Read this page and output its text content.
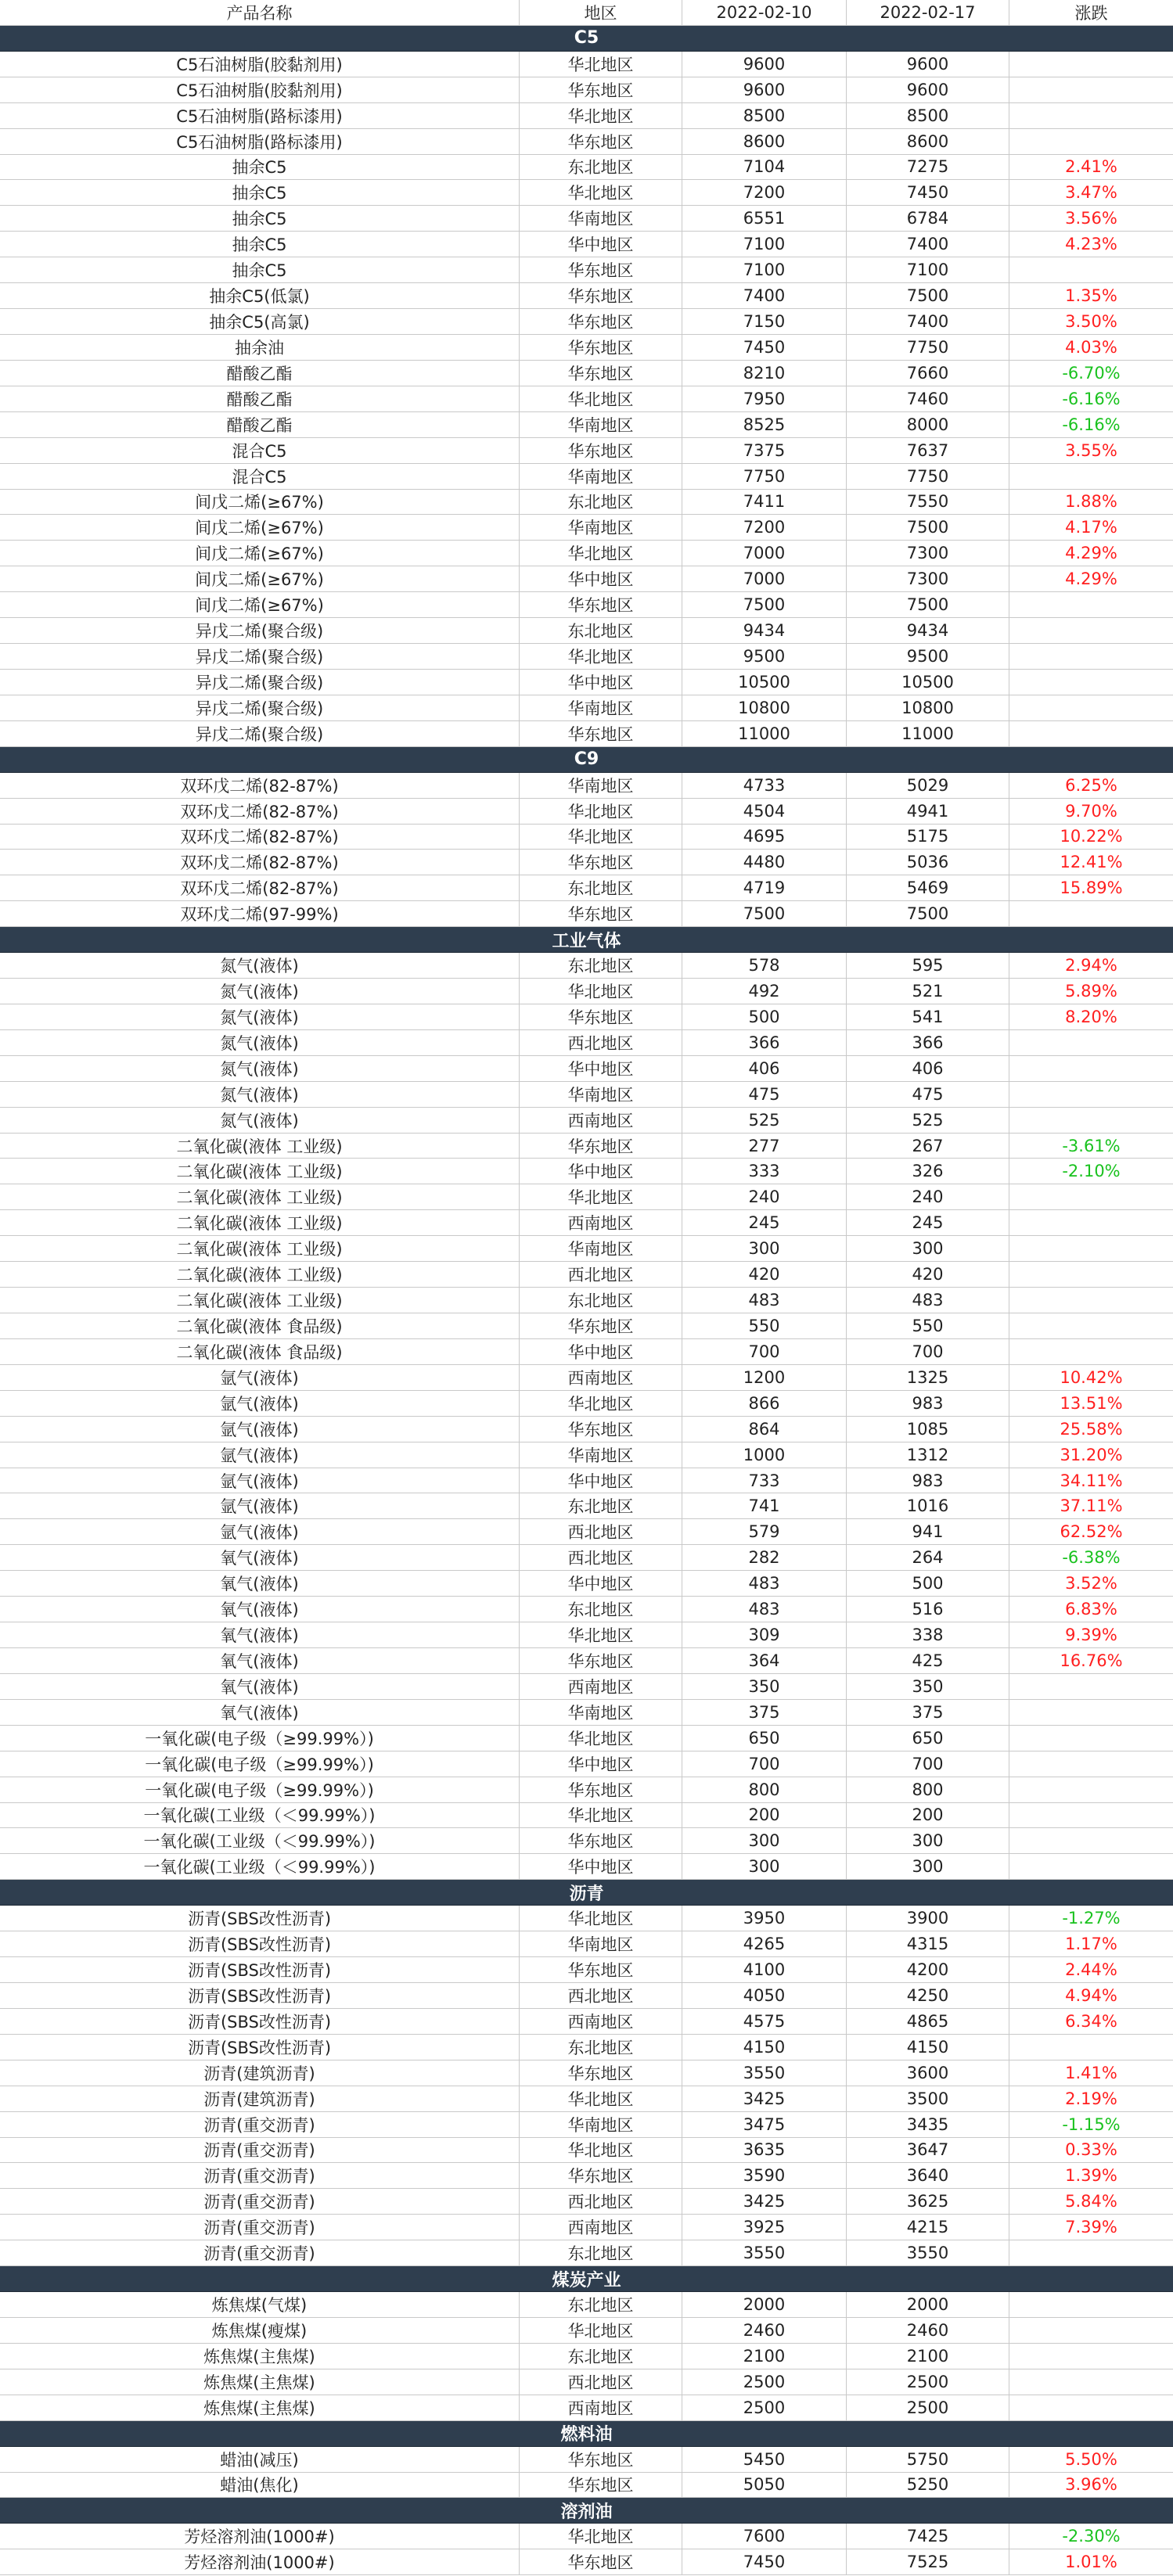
产品名称	地区	2022-02-10	2022-02-17	涨跌
C5
C5石油树脂(胶黏剂用)	华北地区	9600	9600
C5石油树脂(胶黏剂用)	华东地区	9600	9600
C5石油树脂(路标漆用)	华北地区	8500	8500
C5石油树脂(路标漆用)	华东地区	8600	8600
抽余C5	东北地区	7104	7275	2.41%
抽余C5	华北地区	7200	7450	3.47%
抽余C5	华南地区	6551	6784	3.56%
抽余C5	华中地区	7100	7400	4.23%
抽余C5	华东地区	7100	7100
抽余C5(低氯)	华东地区	7400	7500	1.35%
抽余C5(高氯)	华东地区	7150	7400	3.50%
抽余油	华东地区	7450	7750	4.03%
醋酸乙酯	华东地区	8210	7660	-6.70%
醋酸乙酯	华北地区	7950	7460	-6.16%
醋酸乙酯	华南地区	8525	8000	-6.16%
混合C5	华东地区	7375	7637	3.55%
混合C5	华南地区	7750	7750
间戊二烯(≥67%)	东北地区	7411	7550	1.88%
间戊二烯(≥67%)	华南地区	7200	7500	4.17%
间戊二烯(≥67%)	华北地区	7000	7300	4.29%
间戊二烯(≥67%)	华中地区	7000	7300	4.29%
间戊二烯(≥67%)	华东地区	7500	7500
异戊二烯(聚合级)	东北地区	9434	9434
异戊二烯(聚合级)	华北地区	9500	9500
异戊二烯(聚合级)	华中地区	10500	10500
异戊二烯(聚合级)	华南地区	10800	10800
异戊二烯(聚合级)	华东地区	11000	11000
C9
双环戊二烯(82-87%)	华南地区	4733	5029	6.25%
双环戊二烯(82-87%)	华北地区	4504	4941	9.70%
双环戊二烯(82-87%)	华北地区	4695	5175	10.22%
双环戊二烯(82-87%)	华东地区	4480	5036	12.41%
双环戊二烯(82-87%)	东北地区	4719	5469	15.89%
双环戊二烯(97-99%)	华东地区	7500	7500
工业气体
氮气(液体)	东北地区	578	595	2.94%
氮气(液体)	华北地区	492	521	5.89%
氮气(液体)	华东地区	500	541	8.20%
氮气(液体)	西北地区	366	366
氮气(液体)	华中地区	406	406
氮气(液体)	华南地区	475	475
氮气(液体)	西南地区	525	525
二氧化碳(液体 工业级)	华东地区	277	267	-3.61%
二氧化碳(液体 工业级)	华中地区	333	326	-2.10%
二氧化碳(液体 工业级)	华北地区	240	240
二氧化碳(液体 工业级)	西南地区	245	245
二氧化碳(液体 工业级)	华南地区	300	300
二氧化碳(液体 工业级)	西北地区	420	420
二氧化碳(液体 工业级)	东北地区	483	483
二氧化碳(液体 食品级)	华东地区	550	550
二氧化碳(液体 食品级)	华中地区	700	700
氩气(液体)	西南地区	1200	1325	10.42%
氩气(液体)	华北地区	866	983	13.51%
氩气(液体)	华东地区	864	1085	25.58%
氩气(液体)	华南地区	1000	1312	31.20%
氩气(液体)	华中地区	733	983	34.11%
氩气(液体)	东北地区	741	1016	37.11%
氩气(液体)	西北地区	579	941	62.52%
氧气(液体)	西北地区	282	264	-6.38%
氧气(液体)	华中地区	483	500	3.52%
氧气(液体)	东北地区	483	516	6.83%
氧气(液体)	华北地区	309	338	9.39%
氧气(液体)	华东地区	364	425	16.76%
氧气(液体)	西南地区	350	350
氧气(液体)	华南地区	375	375
一氧化碳(电子级（≥99.99%）)	华北地区	650	650
一氧化碳(电子级（≥99.99%）)	华中地区	700	700
一氧化碳(电子级（≥99.99%）)	华东地区	800	800
一氧化碳(工业级（＜99.99%）)	华北地区	200	200
一氧化碳(工业级（＜99.99%）)	华东地区	300	300
一氧化碳(工业级（＜99.99%）)	华中地区	300	300
沥青
沥青(SBS改性沥青)	华北地区	3950	3900	-1.27%
沥青(SBS改性沥青)	华南地区	4265	4315	1.17%
沥青(SBS改性沥青)	华东地区	4100	4200	2.44%
沥青(SBS改性沥青)	西北地区	4050	4250	4.94%
沥青(SBS改性沥青)	西南地区	4575	4865	6.34%
沥青(SBS改性沥青)	东北地区	4150	4150
沥青(建筑沥青)	华东地区	3550	3600	1.41%
沥青(建筑沥青)	华北地区	3425	3500	2.19%
沥青(重交沥青)	华南地区	3475	3435	-1.15%
沥青(重交沥青)	华北地区	3635	3647	0.33%
沥青(重交沥青)	华东地区	3590	3640	1.39%
沥青(重交沥青)	西北地区	3425	3625	5.84%
沥青(重交沥青)	西南地区	3925	4215	7.39%
沥青(重交沥青)	东北地区	3550	3550
煤炭产业
炼焦煤(气煤)	东北地区	2000	2000
炼焦煤(瘦煤)	华北地区	2460	2460
炼焦煤(主焦煤)	东北地区	2100	2100
炼焦煤(主焦煤)	西北地区	2500	2500
炼焦煤(主焦煤)	西南地区	2500	2500
燃料油
蜡油(减压)	华东地区	5450	5750	5.50%
蜡油(焦化)	华东地区	5050	5250	3.96%
溶剂油
芳烃溶剂油(1000#)	华北地区	7600	7425	-2.30%
芳烃溶剂油(1000#)	华东地区	7450	7525	1.01%
